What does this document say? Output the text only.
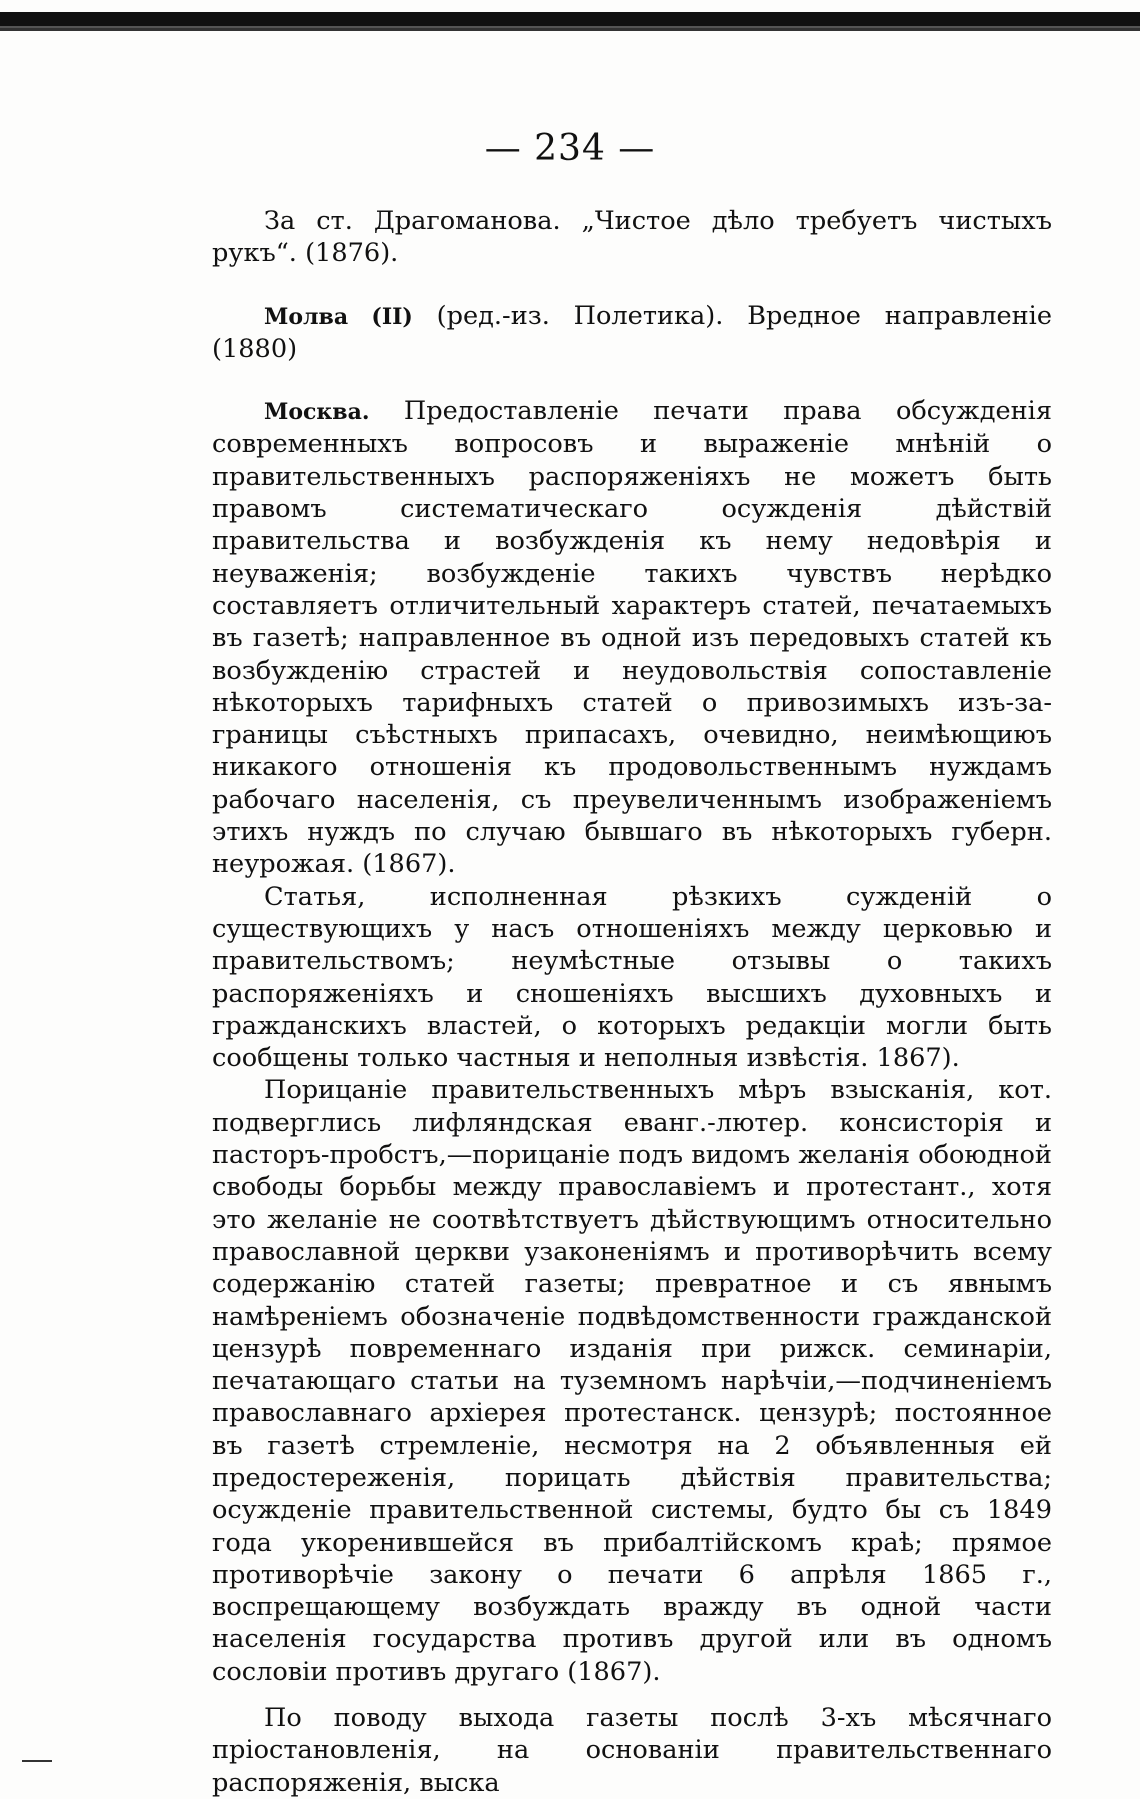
— 234 —

За ст. Драгоманова. „Чистое дѣло требуетъ чистыхъ рукъ“. (1876).

Молва (II) (ред.-из. Полетика). Вредное направленіе (1880)

Москва. Предоставленіе печати права обсужденія современныхъ вопросовъ и выраженіе мнѣній о правительственныхъ распоряженіяхъ не можетъ быть правомъ систематическаго осужденія дѣйствій правительства и возбужденія къ нему недовѣрія и неуваженія; возбужденіе такихъ чувствъ нерѣдко составляетъ отличительный характеръ статей, печатаемыхъ въ газетѣ; направленное въ одной изъ передовыхъ статей къ возбужденію страстей и неудовольствія сопоставленіе нѣкоторыхъ тарифныхъ статей о привозимыхъ изъ-за-границы съѣстныхъ припасахъ, очевидно, неимѣющиюъ никакого отношенія къ продовольственнымъ нуждамъ рабочаго населенія, съ преувеличеннымъ изображеніемъ этихъ нуждъ по случаю бывшаго въ нѣкоторыхъ губерн. неурожая. (1867).

Статья, исполненная рѣзкихъ сужденій о существующихъ у насъ отношеніяхъ между церковью и правительствомъ; неумѣстные отзывы о такихъ распоряженіяхъ и сношеніяхъ высшихъ духовныхъ и гражданскихъ властей, о которыхъ редакціи могли быть сообщены только частныя и неполныя извѣстія. 1867).

Порицаніе правительственныхъ мѣръ взысканія, кот. подверглись лифляндская еванг.-лютер. консисторія и пасторъ-пробстъ,—порицаніе подъ видомъ желанія обоюдной свободы борьбы между православіемъ и протестант., хотя это желаніе не соотвѣтствуетъ дѣйствующимъ относительно православной церкви узаконеніямъ и противорѣчить всему содержанію статей газеты; превратное и съ явнымъ намѣреніемъ обозначеніе подвѣдомственности гражданской цензурѣ повременнаго изданія при рижск. семинаріи, печатающаго статьи на туземномъ нарѣчіи,—подчиненіемъ православнаго архіерея протестанск. цензурѣ; постоянное въ газетѣ стремленіе, несмотря на 2 объявленныя ей предостереженія, порицать дѣйствія правительства; осужденіе правительственной системы, будто бы съ 1849 года укоренившейся въ прибалтійскомъ краѣ; прямое противорѣчіе закону о печати 6 апрѣля 1865 г., воспрещающему возбуждать вражду въ одной части населенія государства противъ другой или въ одномъ сословіи противъ другаго (1867).

По поводу выхода газеты послѣ 3-хъ мѣсячнаго пріостановленія, на основаніи правительственнаго распоряженія, выска
